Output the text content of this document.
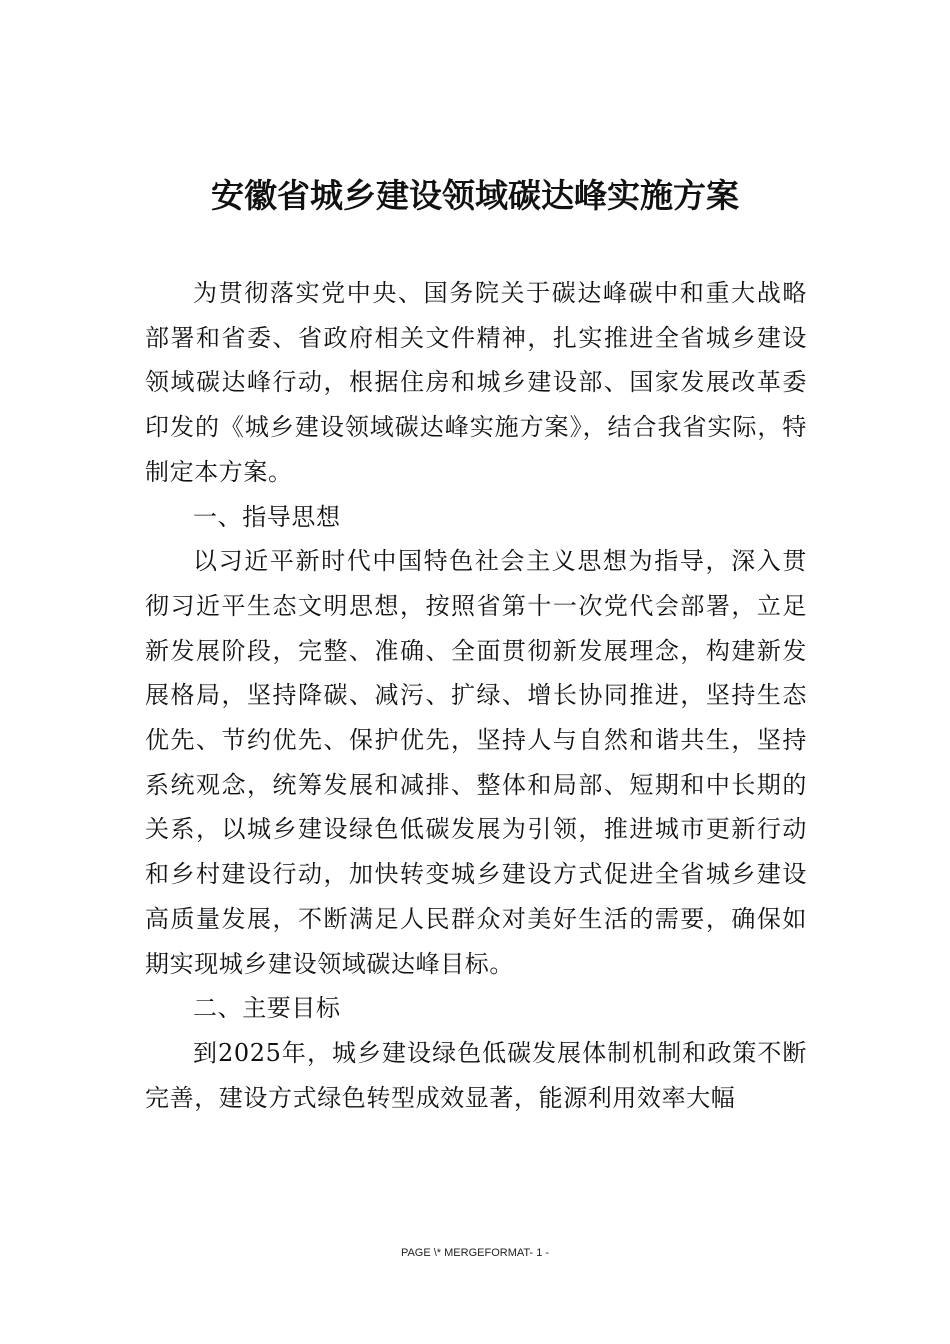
安徽省城乡建设领域碳达峰实施方案

为贯彻落实党中央、国务院关于碳达峰碳中和重大战略部署和省委、省政府相关文件精神，扎实推进全省城乡建设领域碳达峰行动，根据住房和城乡建设部、国家发展改革委印发的《城乡建设领域碳达峰实施方案》，结合我省实际，特制定本方案。

一、指导思想

以习近平新时代中国特色社会主义思想为指导，深入贯彻习近平生态文明思想，按照省第十一次党代会部署，立足新发展阶段，完整、准确、全面贯彻新发展理念，构建新发展格局，坚持降碳、减污、扩绿、增长协同推进，坚持生态优先、节约优先、保护优先，坚持人与自然和谐共生，坚持系统观念，统筹发展和减排、整体和局部、短期和中长期的关系，以城乡建设绿色低碳发展为引领，推进城市更新行动和乡村建设行动，加快转变城乡建设方式促进全省城乡建设高质量发展，不断满足人民群众对美好生活的需要，确保如期实现城乡建设领域碳达峰目标。

二、主要目标

到2025年，城乡建设绿色低碳发展体制机制和政策不断完善，建设方式绿色转型成效显著，能源利用效率大幅

PAGE \* MERGEFORMAT- 1 -
